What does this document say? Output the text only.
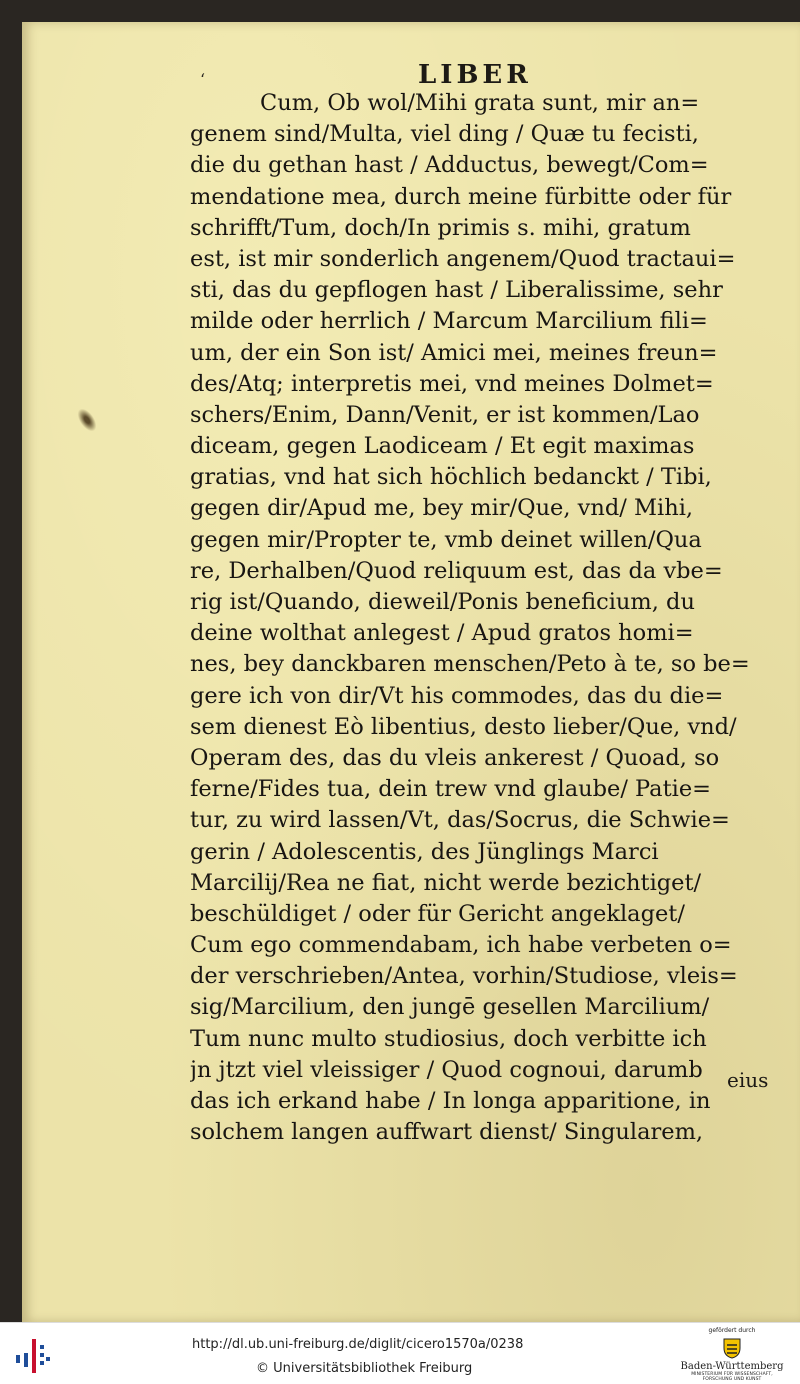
‘	LIBER
Cum, Ob wol/Mihi grata sunt, mir an=
genem sind/Multa, viel ding / Quæ tu fecisti,
die du gethan hast / Adductus, bewegt/Com=
mendatione mea, durch meine fürbitte oder für
schrifft/Tum, doch/In primis s. mihi, gratum
est, ist mir sonderlich angenem/Quod tractaui=
sti, das du gepflogen hast / Liberalissime, sehr
milde oder herrlich / Marcum Marcilium fili=
um, der ein Son ist/ Amici mei, meines freun=
des/Atq; interpretis mei, vnd meines Dolmet=
schers/Enim, Dann/Venit, er ist kommen/Lao
diceam, gegen Laodiceam / Et egit maximas
gratias, vnd hat sich höchlich bedanckt / Tibi,
gegen dir/Apud me, bey mir/Que, vnd/ Mihi,
gegen mir/Propter te, vmb deinet willen/Qua
re, Derhalben/Quod reliquum est, das da vbe=
rig ist/Quando, dieweil/Ponis beneficium, du
deine wolthat anlegest / Apud gratos homi=
nes, bey danckbaren menschen/Peto à te, so be=
gere ich von dir/Vt his commodes, das du die=
sem dienest Eò libentius, desto lieber/Que, vnd/
Operam des, das du vleis ankerest / Quoad, so
ferne/Fides tua, dein trew vnd glaube/ Patie=
tur, zu wird lassen/Vt, das/Socrus, die Schwie=
gerin / Adolescentis, des Jünglings Marci
Marcilij/Rea ne fiat, nicht werde bezichtiget/
beschüldiget / oder für Gericht angeklaget/
Cum ego commendabam, ich habe verbeten o=
der verschrieben/Antea, vorhin/Studiose, vleis=
sig/Marcilium, den jungē gesellen Marcilium/
Tum nunc multo studiosius, doch verbitte ich
jn jtzt viel vleissiger / Quod cognoui, darumb
das ich erkand habe / In longa apparitione, in
solchem langen auffwart dienst/ Singularem,
eius
http://dl.ub.uni-freiburg.de/diglit/cicero1570a/0238
© Universitätsbibliothek Freiburg
gefördert durch
Baden-Württemberg
MINISTERIUM FÜR WISSENSCHAFT, FORSCHUNG UND KUNST
